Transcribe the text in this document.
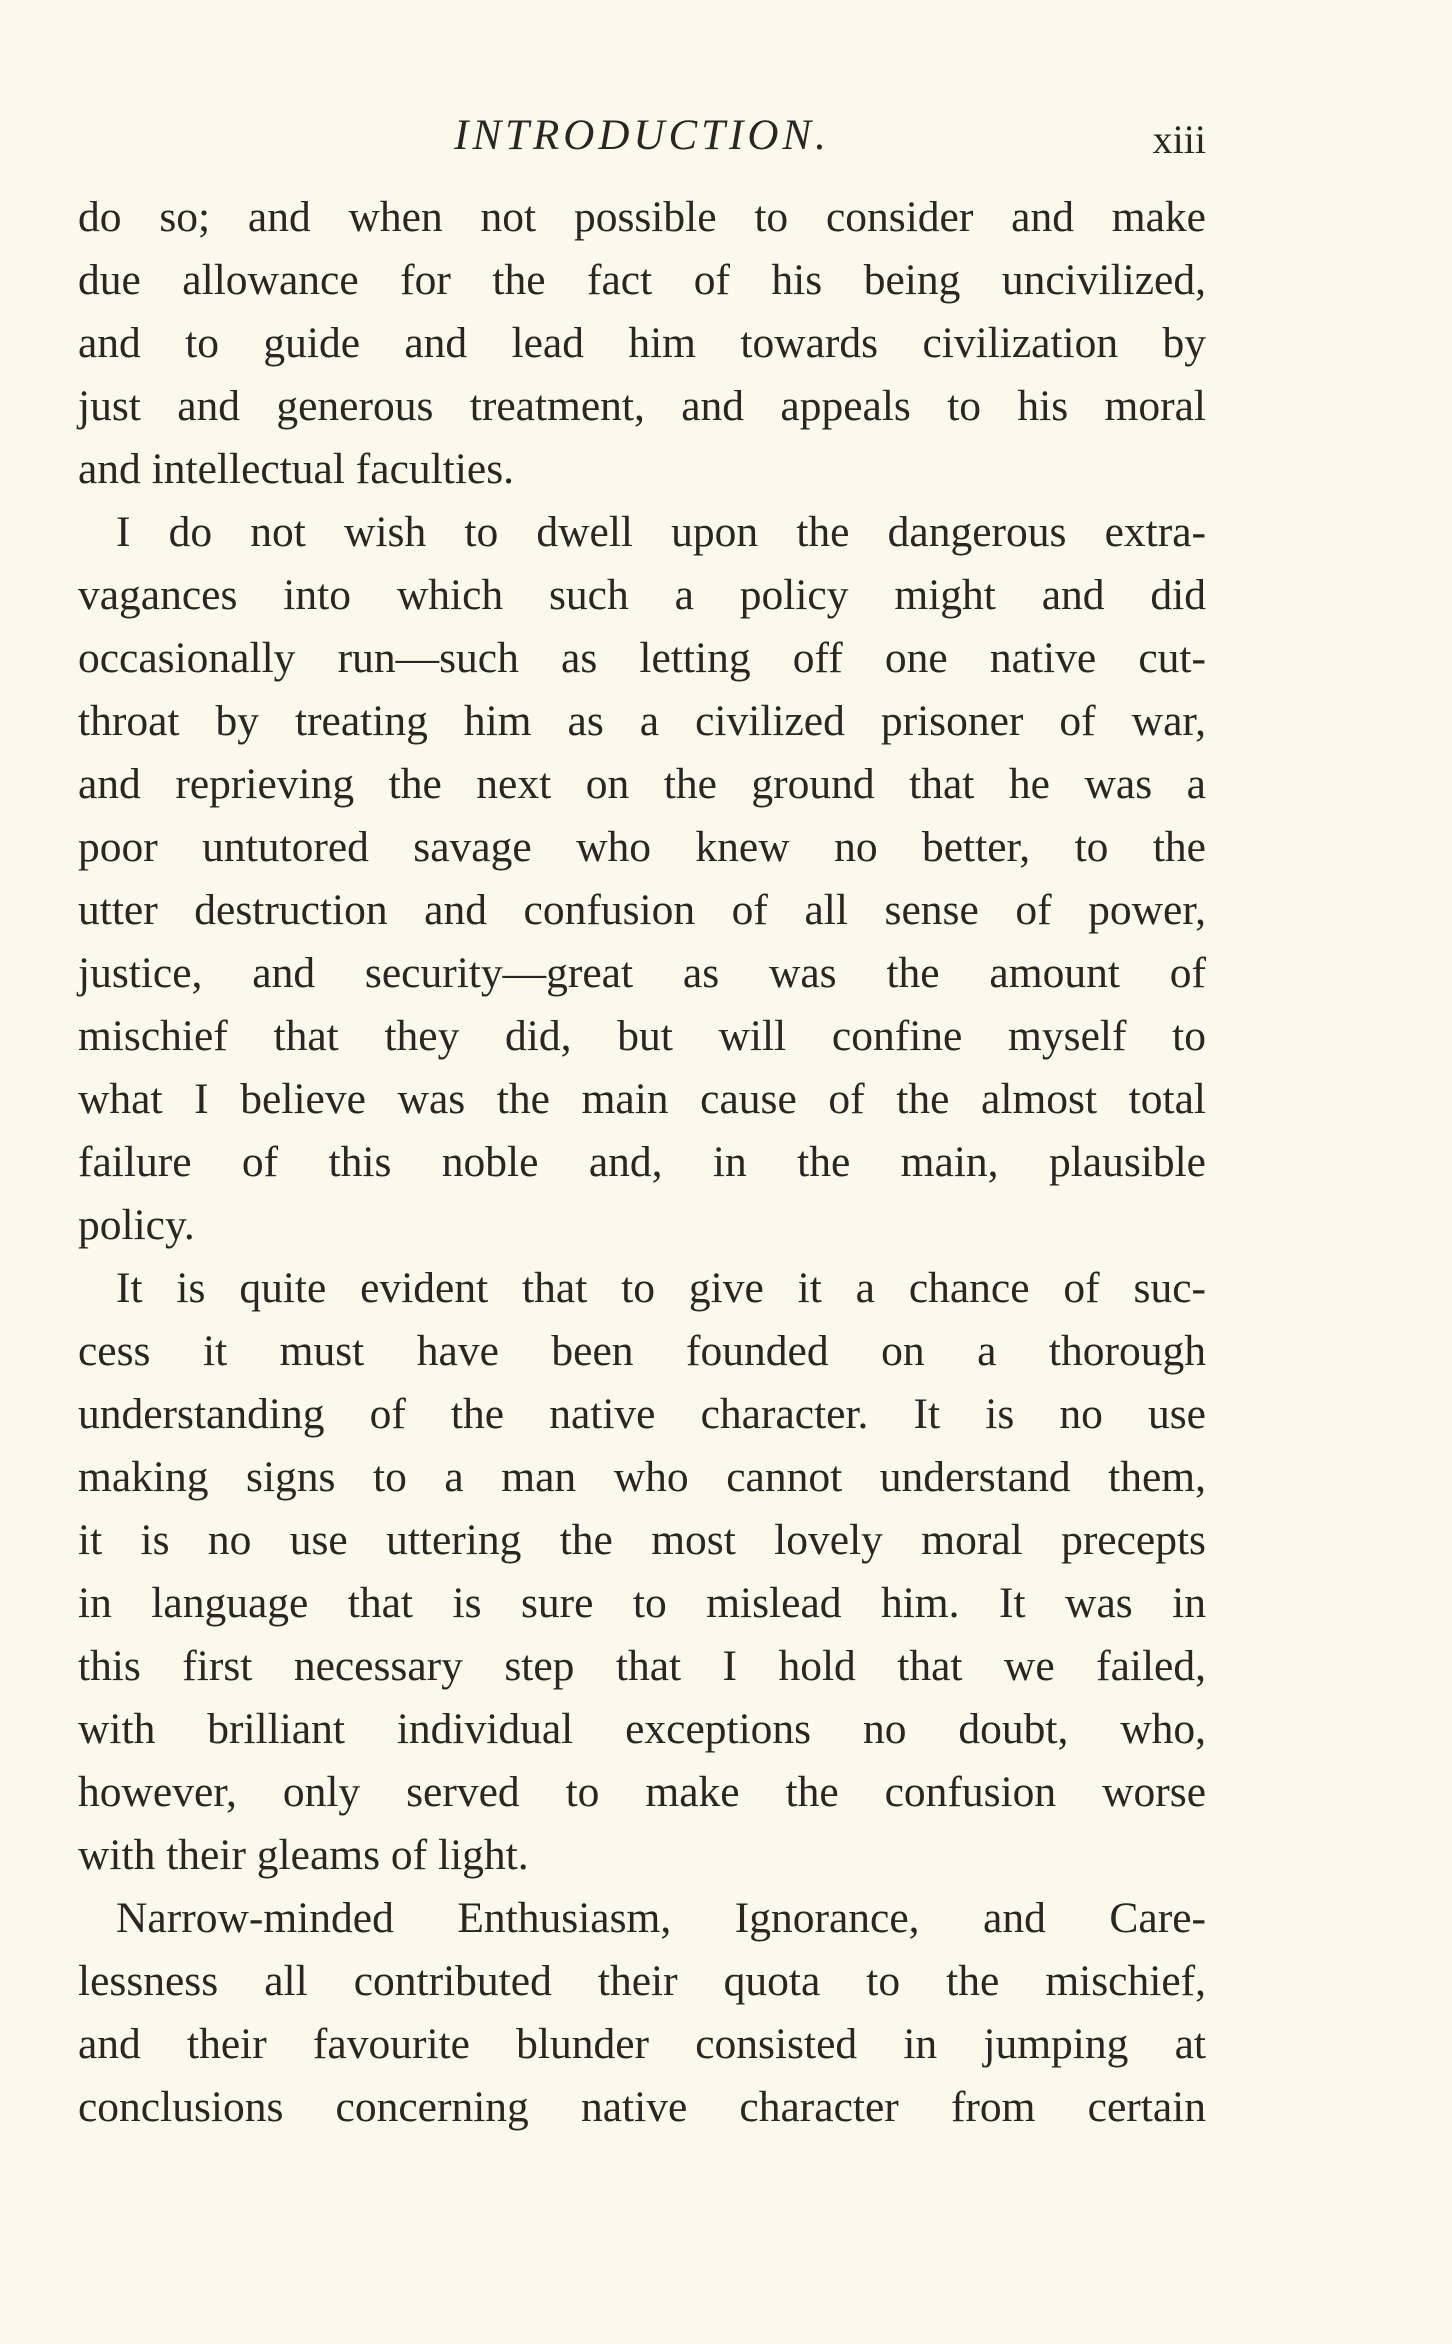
INTRODUCTION.	xiii
do so; and when not possible to consider and make
due allowance for the fact of his being uncivilized,
and to guide and lead him towards civilization by
just and generous treatment, and appeals to his moral
and intellectual faculties.
I do not wish to dwell upon the dangerous extra-
vagances into which such a policy might and did
occasionally run—such as letting off one native cut-
throat by treating him as a civilized prisoner of war,
and reprieving the next on the ground that he was a
poor untutored savage who knew no better, to the
utter destruction and confusion of all sense of power,
justice, and security—great as was the amount of
mischief that they did, but will confine myself to
what I believe was the main cause of the almost total
failure of this noble and, in the main, plausible
policy.
It is quite evident that to give it a chance of suc-
cess it must have been founded on a thorough
understanding of the native character. It is no use
making signs to a man who cannot understand them,
it is no use uttering the most lovely moral precepts
in language that is sure to mislead him. It was in
this first necessary step that I hold that we failed,
with brilliant individual exceptions no doubt, who,
however, only served to make the confusion worse
with their gleams of light.
Narrow-minded Enthusiasm, Ignorance, and Care-
lessness all contributed their quota to the mischief,
and their favourite blunder consisted in jumping at
conclusions concerning native character from certain
